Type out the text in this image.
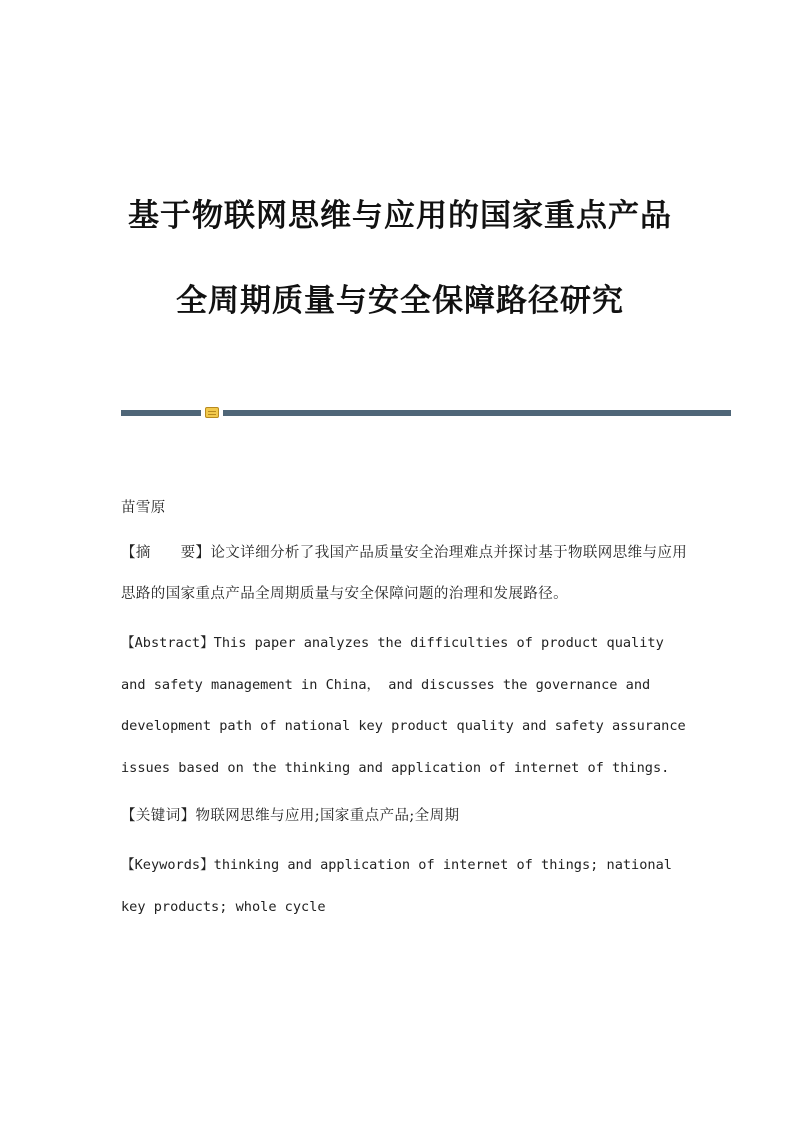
基于物联网思维与应用的国家重点产品
全周期质量与安全保障路径研究

苗雪原

【摘　　要】论文详细分析了我国产品质量安全治理难点并探讨基于物联网思维与应用思路的国家重点产品全周期质量与安全保障问题的治理和发展路径。

【Abstract】This paper analyzes the difficulties of product quality and safety management in China， and discusses the governance and development path of national key product quality and safety assurance issues based on the thinking and application of internet of things.

【关键词】物联网思维与应用;国家重点产品;全周期

【Keywords】thinking and application of internet of things; national key products; whole cycle
